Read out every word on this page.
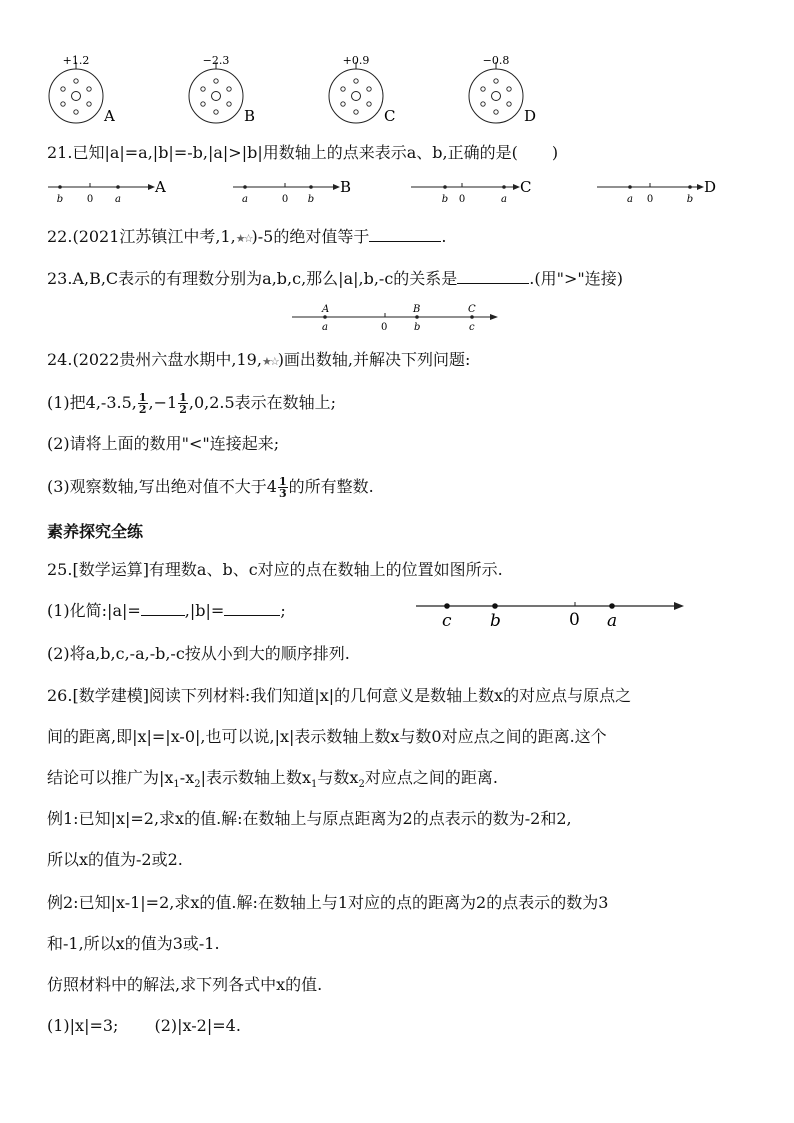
+1.2
A
−2.3
B
+0.9
C
−0.8
D
21.已知|a|=a,|b|=-b,|a|>|b|用数轴上的点来表示a、b,正确的是( )
b 0 a
A
a	0 b
B
b 0	a
C
a 0	b
D
22.(2021江苏镇江中考,1,★☆)-5的绝对值等于	.
23.A,B,C表示的有理数分别为a,b,c,那么|a|,b,-c的关系是	.(用">"连接)
A
a	0
B
b
C
c
24.(2022贵州六盘水期中,19,★☆)画出数轴,并解决下列问题:
(1)把4,-3.5, $\frac{1}{2} ,-1 \frac{1}{2} ,0,2.5$表示在数轴上;
(2)请将上面的数用"<"连接起来;
(3)观察数轴,写出绝对值不大于$4 \frac{1}{3}$ 的所有整数.
素养探究全练
25.[数学运算]有理数a、b、c对应的点在数轴上的位置如图所示.
(1)化简:|a|=	,|b|=	;
c b	0 a
(2)将a,b,c,-a,-b,-c按从小到大的顺序排列.
26.[数学建模]阅读下列材料:我们知道|x|的几何意义是数轴上数x的对应点与原点之
间的距离,即|x|=|x-0|,也可以说,|x|表示数轴上数x与数0对应点之间的距离.这个
结论可以推广为$|x_1-x_2|$表示数轴上数$x_1$与数$x_2$对应点之间的距离.
例1:已知|x|=2,求x的值.解:在数轴上与原点距离为2的点表示的数为-2和2,
所以x的值为-2或2.
例2:已知|x-1|=2,求x的值.解:在数轴上与1对应的点的距离为2的点表示的数为3
和-1,所以x的值为3或-1.
仿照材料中的解法,求下列各式中x的值.
(1)|x|=3; (2)|x-2|=4.
